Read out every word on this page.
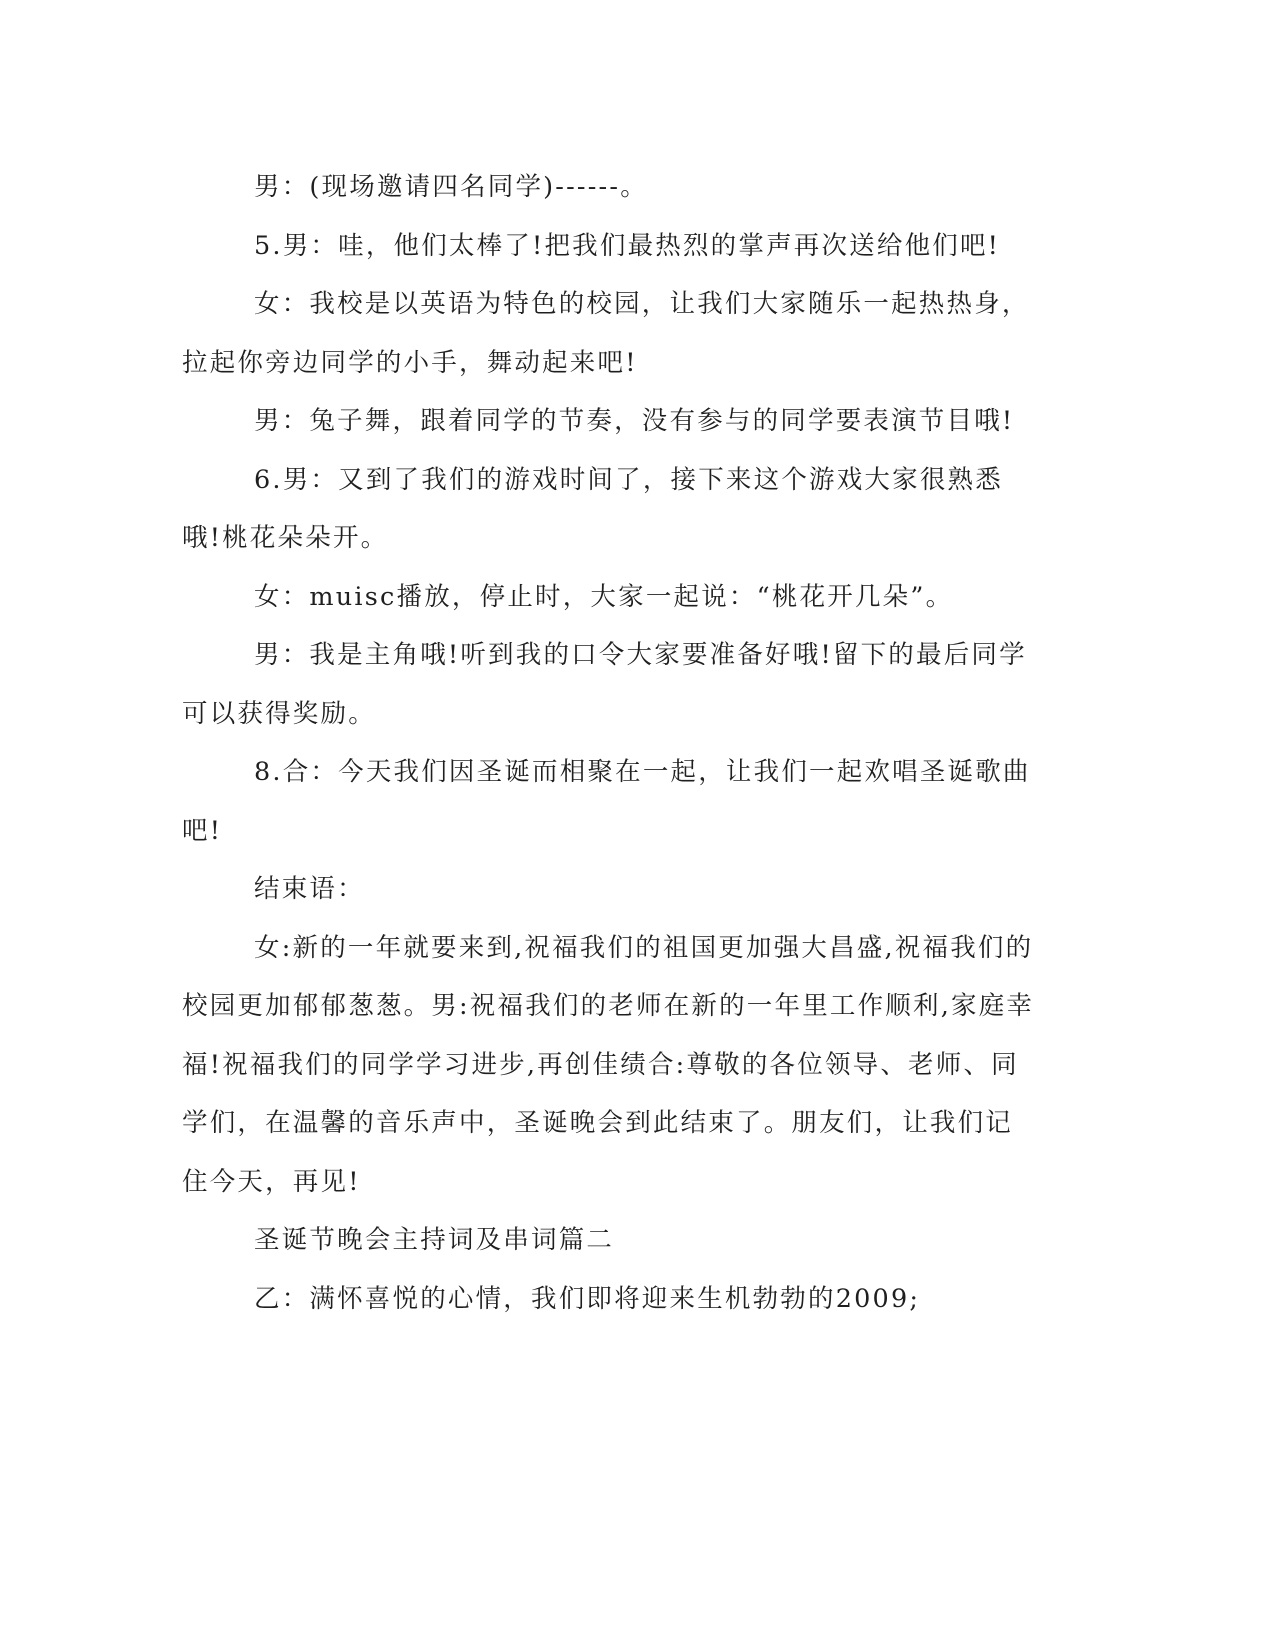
男：(现场邀请四名同学)------。

5.男：哇，他们太棒了!把我们最热烈的掌声再次送给他们吧!

女：我校是以英语为特色的校园，让我们大家随乐一起热热身，拉起你旁边同学的小手，舞动起来吧!

男：兔子舞，跟着同学的节奏，没有参与的同学要表演节目哦!

6.男：又到了我们的游戏时间了，接下来这个游戏大家很熟悉哦!桃花朵朵开。

女：muisc播放，停止时，大家一起说：“桃花开几朵”。

男：我是主角哦!听到我的口令大家要准备好哦!留下的最后同学可以获得奖励。

8.合：今天我们因圣诞而相聚在一起，让我们一起欢唱圣诞歌曲吧!

结束语：

女:新的一年就要来到,祝福我们的祖国更加强大昌盛,祝福我们的校园更加郁郁葱葱。男:祝福我们的老师在新的一年里工作顺利,家庭幸福!祝福我们的同学学习进步,再创佳绩合:尊敬的各位领导、老师、同学们，在温馨的音乐声中，圣诞晚会到此结束了。朋友们，让我们记住今天，再见!

圣诞节晚会主持词及串词篇二

乙：满怀喜悦的心情，我们即将迎来生机勃勃的2009;
